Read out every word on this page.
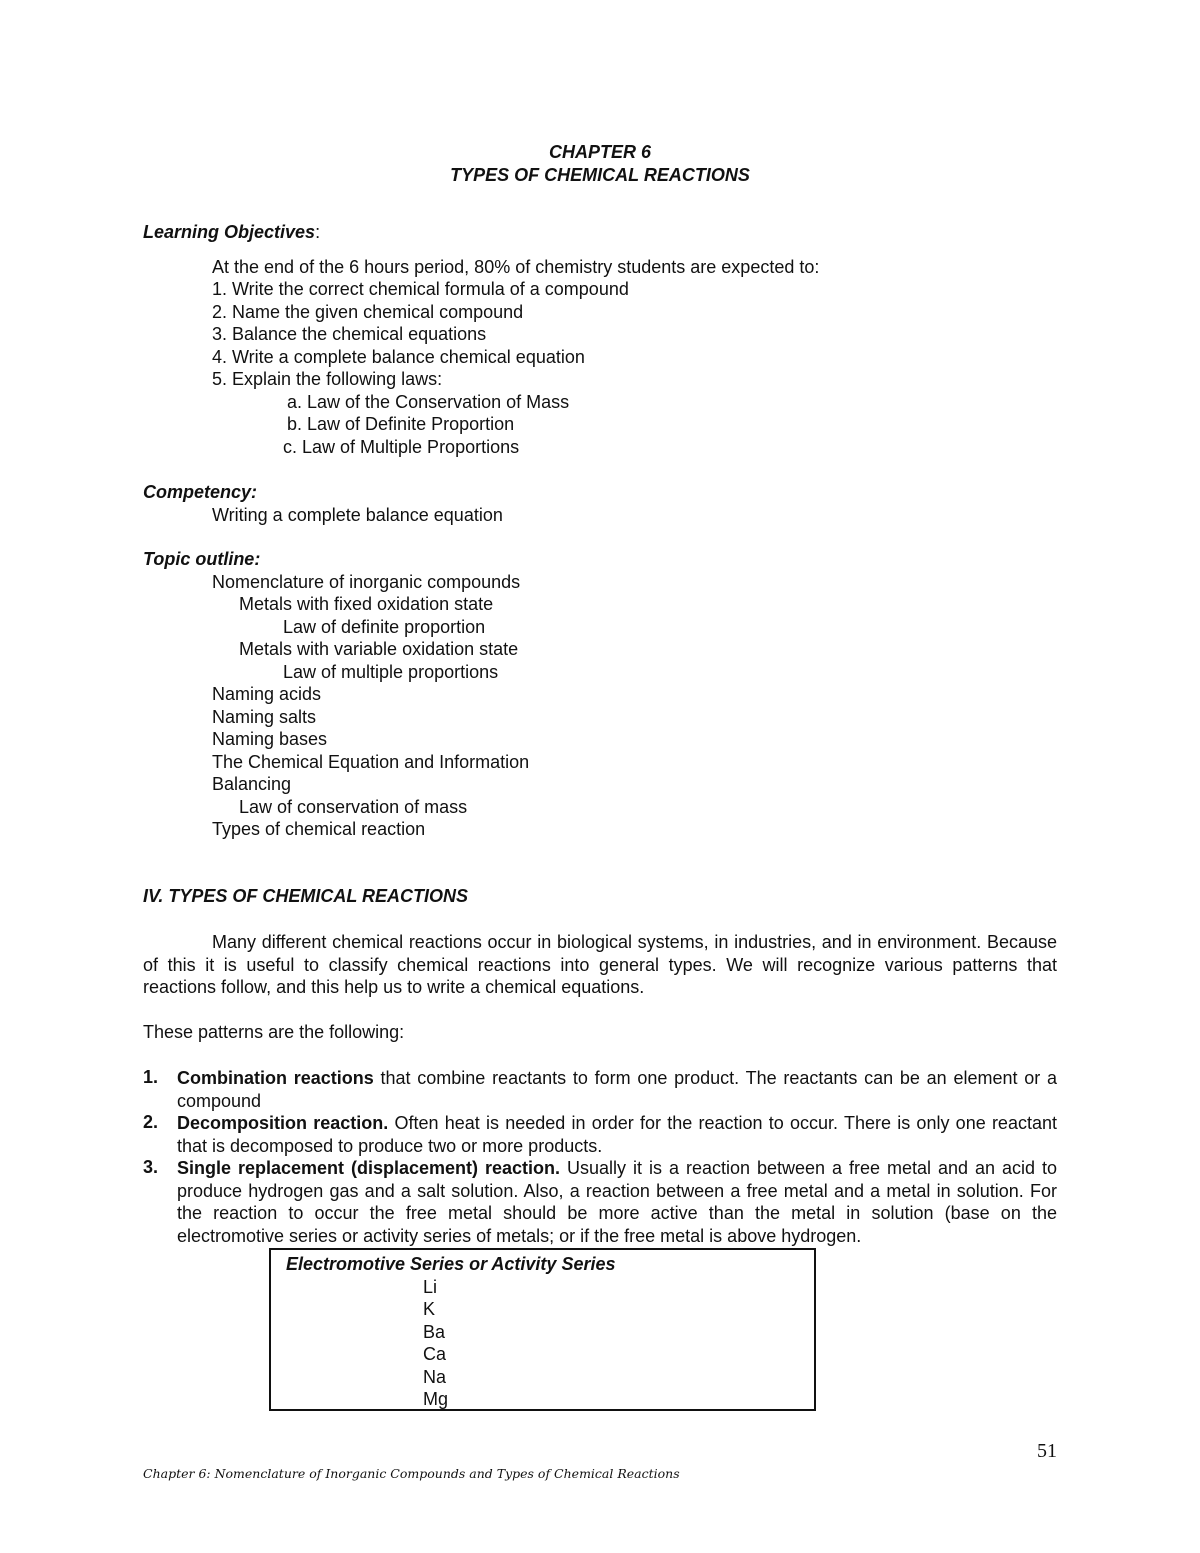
CHAPTER 6
TYPES OF CHEMICAL REACTIONS
Learning Objectives:
At the end of the 6 hours period, 80% of chemistry students are expected to:
1. Write the correct chemical formula of a compound
2. Name the given chemical compound
3. Balance the chemical equations
4. Write a complete balance chemical equation
5. Explain the following laws:
a. Law of the Conservation of Mass
b. Law of Definite Proportion
c. Law of Multiple Proportions
Competency:
Writing a complete balance equation
Topic outline:
Nomenclature of inorganic compounds
Metals with fixed oxidation state
Law of definite proportion
Metals with variable oxidation state
Law of multiple proportions
Naming acids
Naming salts
Naming bases
The Chemical Equation and Information
Balancing
Law of conservation of mass
Types of chemical reaction
IV. TYPES OF CHEMICAL REACTIONS
Many different chemical reactions occur in biological systems, in industries, and in environment. Because of this it is useful to classify chemical reactions into general types. We will recognize various patterns that reactions follow, and this help us to write a chemical equations.
These patterns are the following:
1. Combination reactions that combine reactants to form one product. The reactants can be an element or a compound
2. Decomposition reaction. Often heat is needed in order for the reaction to occur. There is only one reactant that is decomposed to produce two or more products.
3. Single replacement (displacement) reaction. Usually it is a reaction between a free metal and an acid to produce hydrogen gas and a salt solution. Also, a reaction between a free metal and a metal in solution. For the reaction to occur the free metal should be more active than the metal in solution (base on the electromotive series or activity series of metals; or if the free metal is above hydrogen.
Electromotive Series or Activity Series
Li
K
Ba
Ca
Na
Mg
51
Chapter 6: Nomenclature of Inorganic Compounds and Types of Chemical Reactions
